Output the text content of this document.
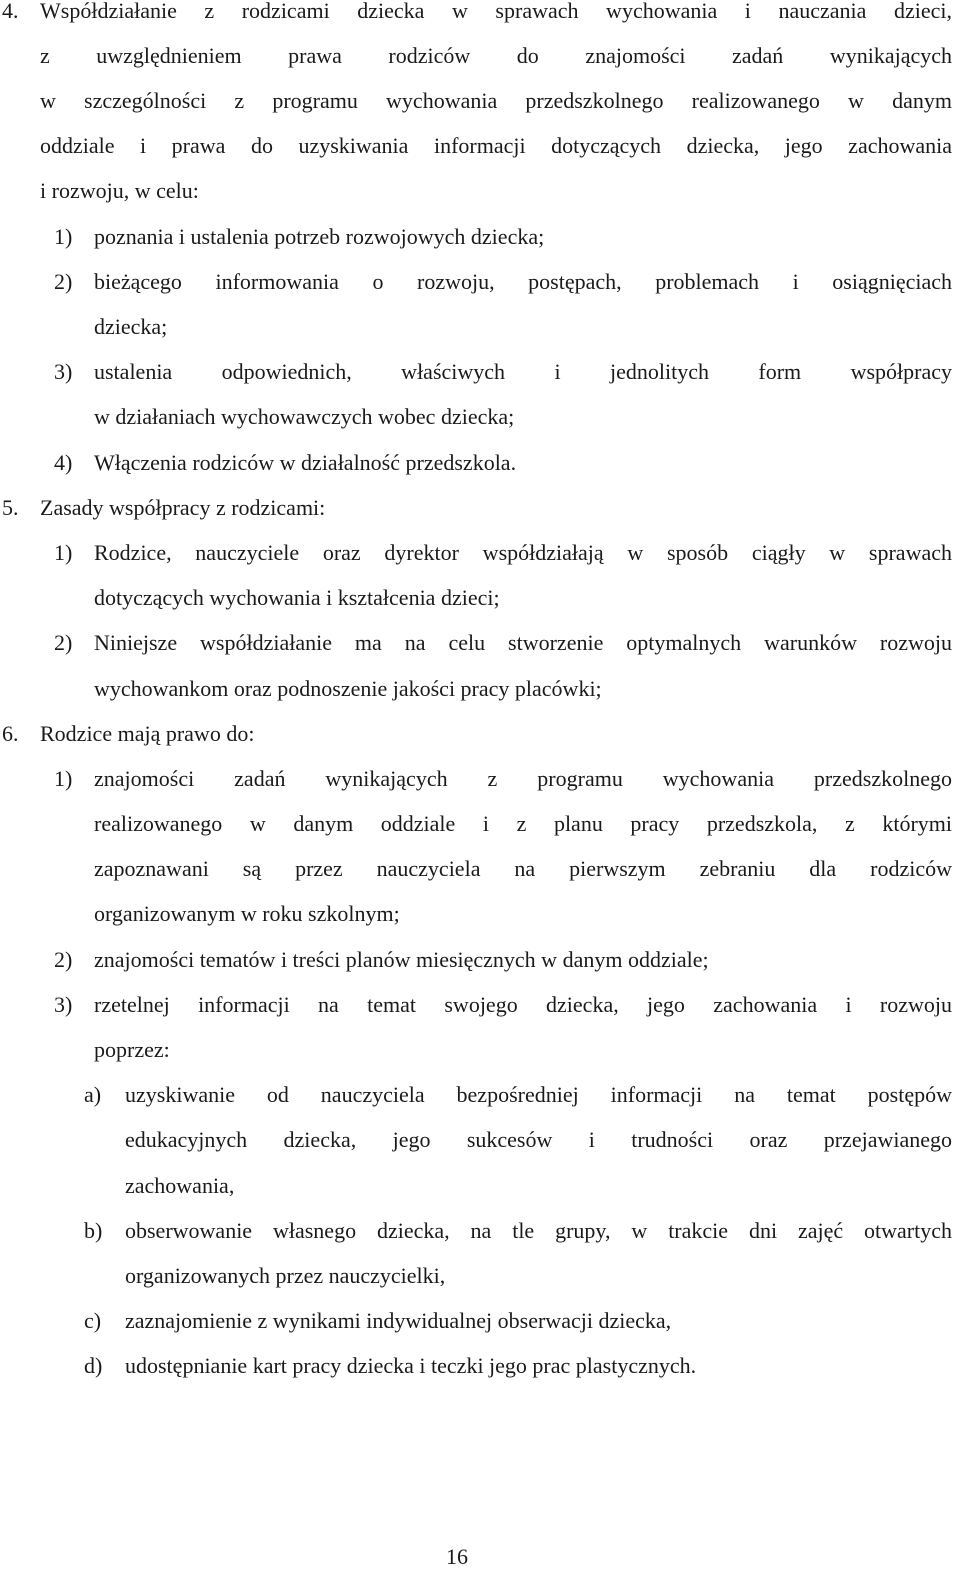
4. Współdziałanie z rodzicami dziecka w sprawach wychowania i nauczania dzieci,
z uwzględnieniem prawa rodziców do znajomości zadań wynikających
w szczególności z programu wychowania przedszkolnego realizowanego w danym
oddziale i prawa do uzyskiwania informacji dotyczących dziecka, jego zachowania
i rozwoju, w celu:
1) poznania i ustalenia potrzeb rozwojowych dziecka;
2) bieżącego informowania o rozwoju, postępach, problemach i osiągnięciach
dziecka;
3) ustalenia odpowiednich, właściwych i jednolitych form współpracy
w działaniach wychowawczych wobec dziecka;
4) Włączenia rodziców w działalność przedszkola.
5. Zasady współpracy z rodzicami:
1) Rodzice, nauczyciele oraz dyrektor współdziałają w sposób ciągły w sprawach
dotyczących wychowania i kształcenia dzieci;
2) Niniejsze współdziałanie ma na celu stworzenie optymalnych warunków rozwoju
wychowankom oraz podnoszenie jakości pracy placówki;
6. Rodzice mają prawo do:
1) znajomości zadań wynikających z programu wychowania przedszkolnego
realizowanego w danym oddziale i z planu pracy przedszkola, z którymi
zapoznawani są przez nauczyciela na pierwszym zebraniu dla rodziców
organizowanym w roku szkolnym;
2) znajomości tematów i treści planów miesięcznych w danym oddziale;
3) rzetelnej informacji na temat swojego dziecka, jego zachowania i rozwoju
poprzez:
a) uzyskiwanie od nauczyciela bezpośredniej informacji na temat postępów
edukacyjnych dziecka, jego sukcesów i trudności oraz przejawianego
zachowania,
b) obserwowanie własnego dziecka, na tle grupy, w trakcie dni zajęć otwartych
organizowanych przez nauczycielki,
c) zaznajomienie z wynikami indywidualnej obserwacji dziecka,
d) udostępnianie kart pracy dziecka i teczki jego prac plastycznych.
16
